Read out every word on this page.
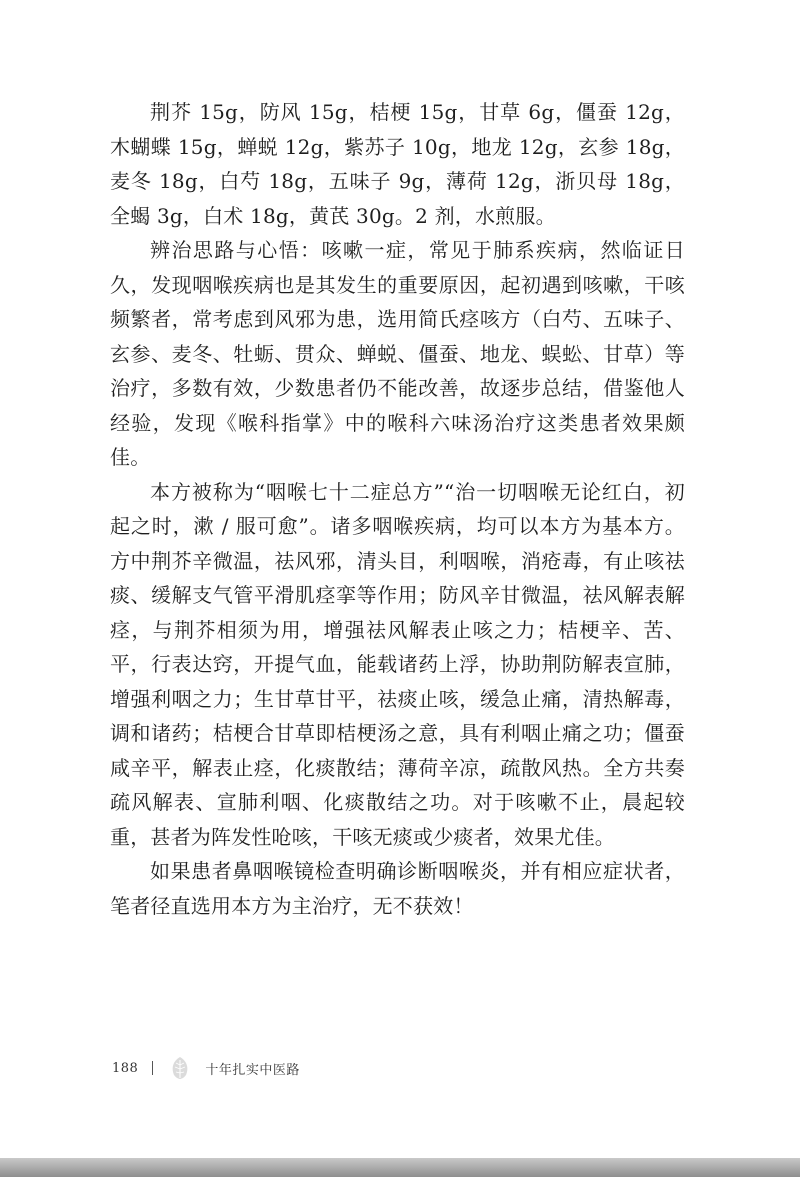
荆芥 15g，防风 15g，桔梗 15g，甘草 6g，僵蚕 12g，木蝴蝶 15g，蝉蜕 12g，紫苏子 10g，地龙 12g，玄参 18g，麦冬 18g，白芍 18g，五味子 9g，薄荷 12g，浙贝母 18g，全蝎 3g，白术 18g，黄芪 30g。2 剂，水煎服。

辨治思路与心悟：咳嗽一症，常见于肺系疾病，然临证日久，发现咽喉疾病也是其发生的重要原因，起初遇到咳嗽，干咳频繁者，常考虑到风邪为患，选用简氏痉咳方（白芍、五味子、玄参、麦冬、牡蛎、贯众、蝉蜕、僵蚕、地龙、蜈蚣、甘草）等治疗，多数有效，少数患者仍不能改善，故逐步总结，借鉴他人经验，发现《喉科指掌》中的喉科六味汤治疗这类患者效果颇佳。

本方被称为“咽喉七十二症总方”“治一切咽喉无论红白，初起之时，漱 / 服可愈”。诸多咽喉疾病，均可以本方为基本方。方中荆芥辛微温，祛风邪，清头目，利咽喉，消疮毒，有止咳祛痰、缓解支气管平滑肌痉挛等作用；防风辛甘微温，祛风解表解痉，与荆芥相须为用，增强祛风解表止咳之力；桔梗辛、苦、平，行表达窍，开提气血，能载诸药上浮，协助荆防解表宣肺，增强利咽之力；生甘草甘平，祛痰止咳，缓急止痛，清热解毒，调和诸药；桔梗合甘草即桔梗汤之意，具有利咽止痛之功；僵蚕咸辛平，解表止痉，化痰散结；薄荷辛凉，疏散风热。全方共奏疏风解表、宣肺利咽、化痰散结之功。对于咳嗽不止，晨起较重，甚者为阵发性呛咳，干咳无痰或少痰者，效果尤佳。

如果患者鼻咽喉镜检查明确诊断咽喉炎，并有相应症状者，笔者径直选用本方为主治疗，无不获效！

188	十年扎实中医路
